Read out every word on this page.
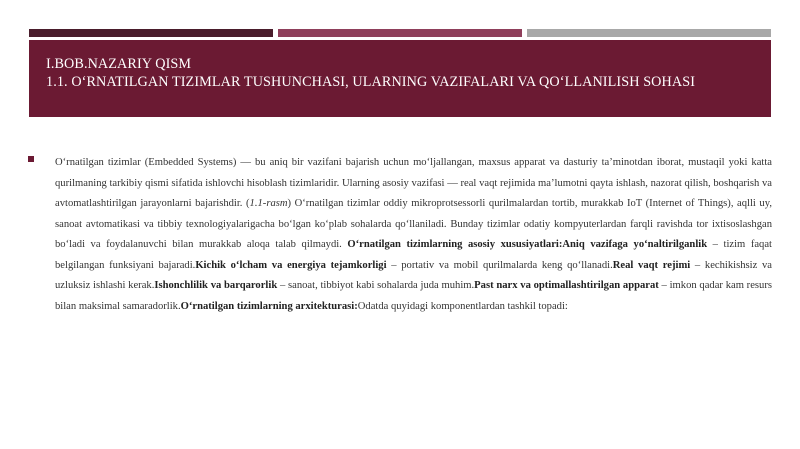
I.BOB.NAZARIY QISM
1.1. O‘RNATILGAN TIZIMLAR TUSHUNCHASI, ULARNING VAZIFALARI VA QO‘LLANILISH SOHASI
O‘rnatilgan tizimlar (Embedded Systems) — bu aniq bir vazifani bajarish uchun mo‘ljallangan, maxsus apparat va dasturiy ta’minotdan iborat, mustaqil yoki katta qurilmaning tarkibiy qismi sifatida ishlovchi hisoblash tizimlaridir. Ularning asosiy vazifasi — real vaqt rejimida ma’lumotni qayta ishlash, nazorat qilish, boshqarish va avtomatlashtirilgan jarayonlarni bajarishdir. (1.1-rasm) O‘rnatilgan tizimlar oddiy mikroprotsessorli qurilmalardan tortib, murakkab IoT (Internet of Things), aqlli uy, sanoat avtomatikasi va tibbiy texnologiyalarigacha bo‘lgan ko‘plab sohalarda qo‘llaniladi. Bunday tizimlar odatiy kompyuterlardan farqli ravishda tor ixtisoslashgan bo‘ladi va foydalanuvchi bilan murakkab aloqa talab qilmaydi. O‘rnatilgan tizimlarning asosiy xususiyatlari:Aniq vazifaga yo‘naltirilganlik – tizim faqat belgilangan funksiyani bajaradi.Kichik o‘lcham va energiya tejamkorligi – portativ va mobil qurilmalarda keng qo‘llanadi.Real vaqt rejimi – kechikishsiz va uzluksiz ishlashi kerak.Ishonchlilik va barqarorlik – sanoat, tibbiyot kabi sohalarda juda muhim.Past narx va optimallashtirilgan apparat – imkon qadar kam resurs bilan maksimal samaradorlik.O‘rnatilgan tizimlarning arxitekturasi:Odatda quyidagi komponentlardan tashkil topadi:
